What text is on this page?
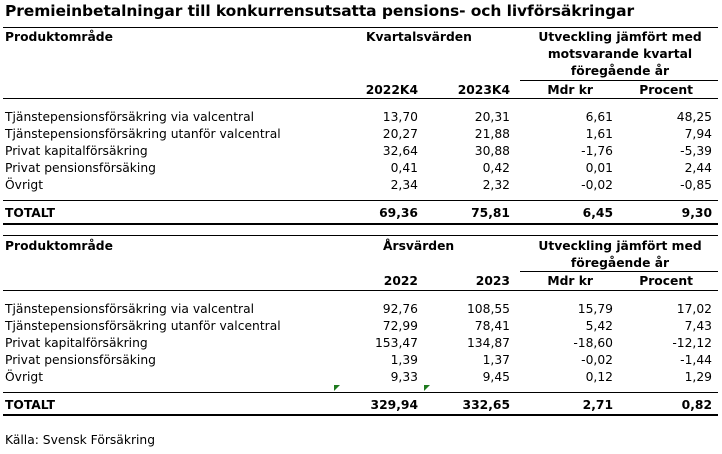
Premieinbetalningar till konkurrensutsatta pensions- och livförsäkringar
Produktområde	Kvartalsvärden	Utveckling jämfört med
motsvarande kvartal
föregående år
2022K4	2023K4	Mdr kr	Procent
Tjänstepensionsförsäkring via valcentral	13,70	20,31	6,61	48,25
Tjänstepensionsförsäkring utanför valcentral	20,27	21,88	1,61	7,94
Privat kapitalförsäkring	32,64	30,88	-1,76	-5,39
Privat pensionsförsäking	0,41	0,42	0,01	2,44
Övrigt	2,34	2,32	-0,02	-0,85
TOTALT	69,36	75,81	6,45	9,30
Produktområde	Årsvärden	Utveckling jämfört med
föregående år
2022	2023	Mdr kr	Procent
Tjänstepensionsförsäkring via valcentral	92,76	108,55	15,79	17,02
Tjänstepensionsförsäkring utanför valcentral	72,99	78,41	5,42	7,43
Privat kapitalförsäkring	153,47	134,87	-18,60	-12,12
Privat pensionsförsäking	1,39	1,37	-0,02	-1,44
Övrigt	9,33	9,45	0,12	1,29
TOTALT	329,94	332,65	2,71	0,82
Källa: Svensk Försäkring
